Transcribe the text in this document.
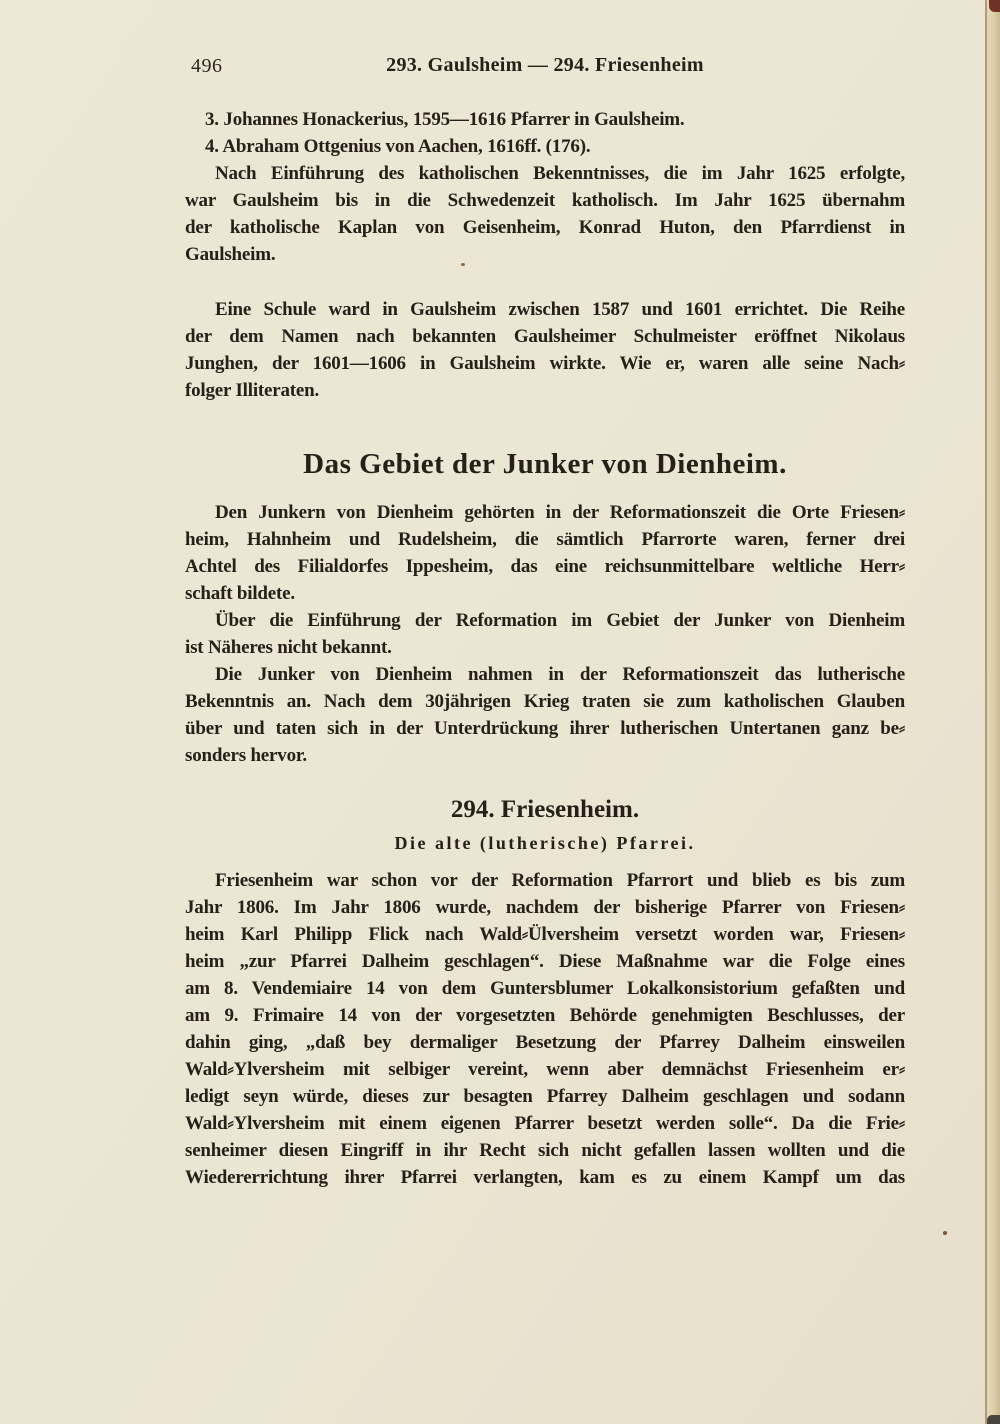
496	293. Gaulsheim — 294. Friesenheim
3. Johannes Honackerius, 1595—1616 Pfarrer in Gaulsheim.
4. Abraham Ottgenius von Aachen, 1616ff. (176).
Nach Einführung des katholischen Bekenntnisses, die im Jahr 1625 erfolgte,
war Gaulsheim bis in die Schwedenzeit katholisch. Im Jahr 1625 übernahm
der katholische Kaplan von Geisenheim, Konrad Huton, den Pfarrdienst in
Gaulsheim.
Eine Schule ward in Gaulsheim zwischen 1587 und 1601 errichtet. Die Reihe
der dem Namen nach bekannten Gaulsheimer Schulmeister eröffnet Nikolaus
Junghen, der 1601—1606 in Gaulsheim wirkte. Wie er, waren alle seine Nach⸗
folger Illiteraten.
Das Gebiet der Junker von Dienheim.
Den Junkern von Dienheim gehörten in der Reformationszeit die Orte Friesen⸗
heim, Hahnheim und Rudelsheim, die sämtlich Pfarrorte waren, ferner drei
Achtel des Filialdorfes Ippesheim, das eine reichsunmittelbare weltliche Herr⸗
schaft bildete.
Über die Einführung der Reformation im Gebiet der Junker von Dienheim
ist Näheres nicht bekannt.
Die Junker von Dienheim nahmen in der Reformationszeit das lutherische
Bekenntnis an. Nach dem 30jährigen Krieg traten sie zum katholischen Glauben
über und taten sich in der Unterdrückung ihrer lutherischen Untertanen ganz be⸗
sonders hervor.
294. Friesenheim.
Die alte (lutherische) Pfarrei.
Friesenheim war schon vor der Reformation Pfarrort und blieb es bis zum
Jahr 1806. Im Jahr 1806 wurde, nachdem der bisherige Pfarrer von Friesen⸗
heim Karl Philipp Flick nach Wald⸗Ülversheim versetzt worden war, Friesen⸗
heim „zur Pfarrei Dalheim geschlagen“. Diese Maßnahme war die Folge eines
am 8. Vendemiaire 14 von dem Guntersblumer Lokalkonsistorium gefaßten und
am 9. Frimaire 14 von der vorgesetzten Behörde genehmigten Beschlusses, der
dahin ging, „daß bey dermaliger Besetzung der Pfarrey Dalheim einsweilen
Wald⸗Ylversheim mit selbiger vereint, wenn aber demnächst Friesenheim er⸗
ledigt seyn würde, dieses zur besagten Pfarrey Dalheim geschlagen und sodann
Wald⸗Ylversheim mit einem eigenen Pfarrer besetzt werden solle“. Da die Frie⸗
senheimer diesen Eingriff in ihr Recht sich nicht gefallen lassen wollten und die
Wiedererrichtung ihrer Pfarrei verlangten, kam es zu einem Kampf um das
